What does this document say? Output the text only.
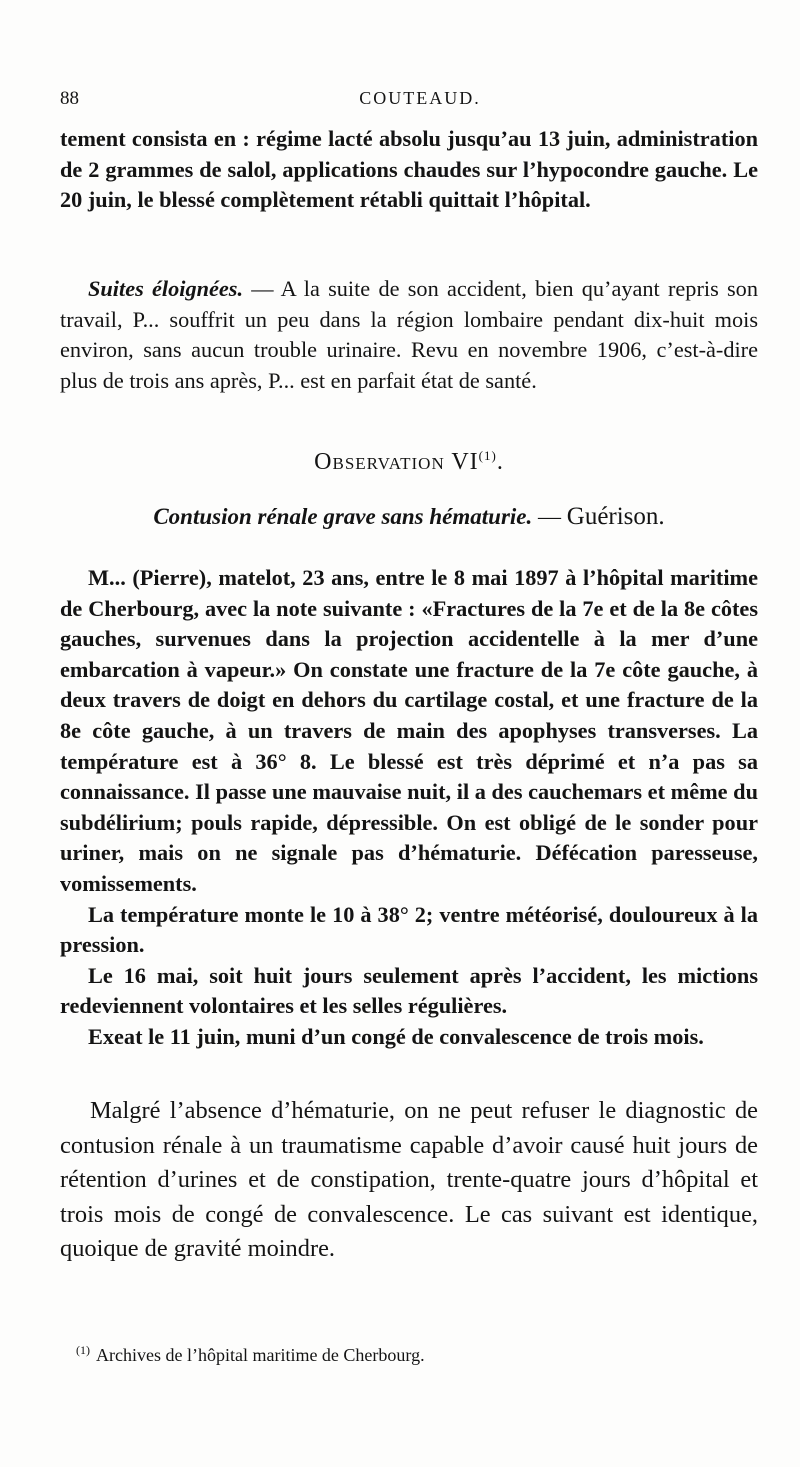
88	COUTEAUD.

tement consista en : régime lacté absolu jusqu’au 13 juin, administration de 2 grammes de salol, applications chaudes sur l’hypocondre gauche. Le 20 juin, le blessé complètement rétabli quittait l’hôpital.

Suites éloignées. — A la suite de son accident, bien qu’ayant repris son travail, P... souffrit un peu dans la région lombaire pendant dix-huit mois environ, sans aucun trouble urinaire. Revu en novembre 1906, c’est-à-dire plus de trois ans après, P... est en parfait état de santé.

Observation VI$^{(1)}$.
Contusion rénale grave sans hématurie. — Guérison.

M... (Pierre), matelot, 23 ans, entre le 8 mai 1897 à l’hôpital maritime de Cherbourg, avec la note suivante : «Fractures de la 7e et de la 8e côtes gauches, survenues dans la projection accidentelle à la mer d’une embarcation à vapeur.» On constate une fracture de la 7e côte gauche, à deux travers de doigt en dehors du cartilage costal, et une fracture de la 8e côte gauche, à un travers de main des apophyses transverses. La température est à 36° 8. Le blessé est très déprimé et n’a pas sa connaissance. Il passe une mauvaise nuit, il a des cauchemars et même du subdélirium; pouls rapide, dépressible. On est obligé de le sonder pour uriner, mais on ne signale pas d’hématurie. Défécation paresseuse, vomissements.

La température monte le 10 à 38° 2; ventre météorisé, douloureux à la pression.

Le 16 mai, soit huit jours seulement après l’accident, les mictions redeviennent volontaires et les selles régulières.

Exeat le 11 juin, muni d’un congé de convalescence de trois mois.

Malgré l’absence d’hématurie, on ne peut refuser le diagnostic de contusion rénale à un traumatisme capable d’avoir causé huit jours de rétention d’urines et de constipation, trente-quatre jours d’hôpital et trois mois de congé de convalescence. Le cas suivant est identique, quoique de gravité moindre.

$^{(1)}$ Archives de l’hôpital maritime de Cherbourg.
